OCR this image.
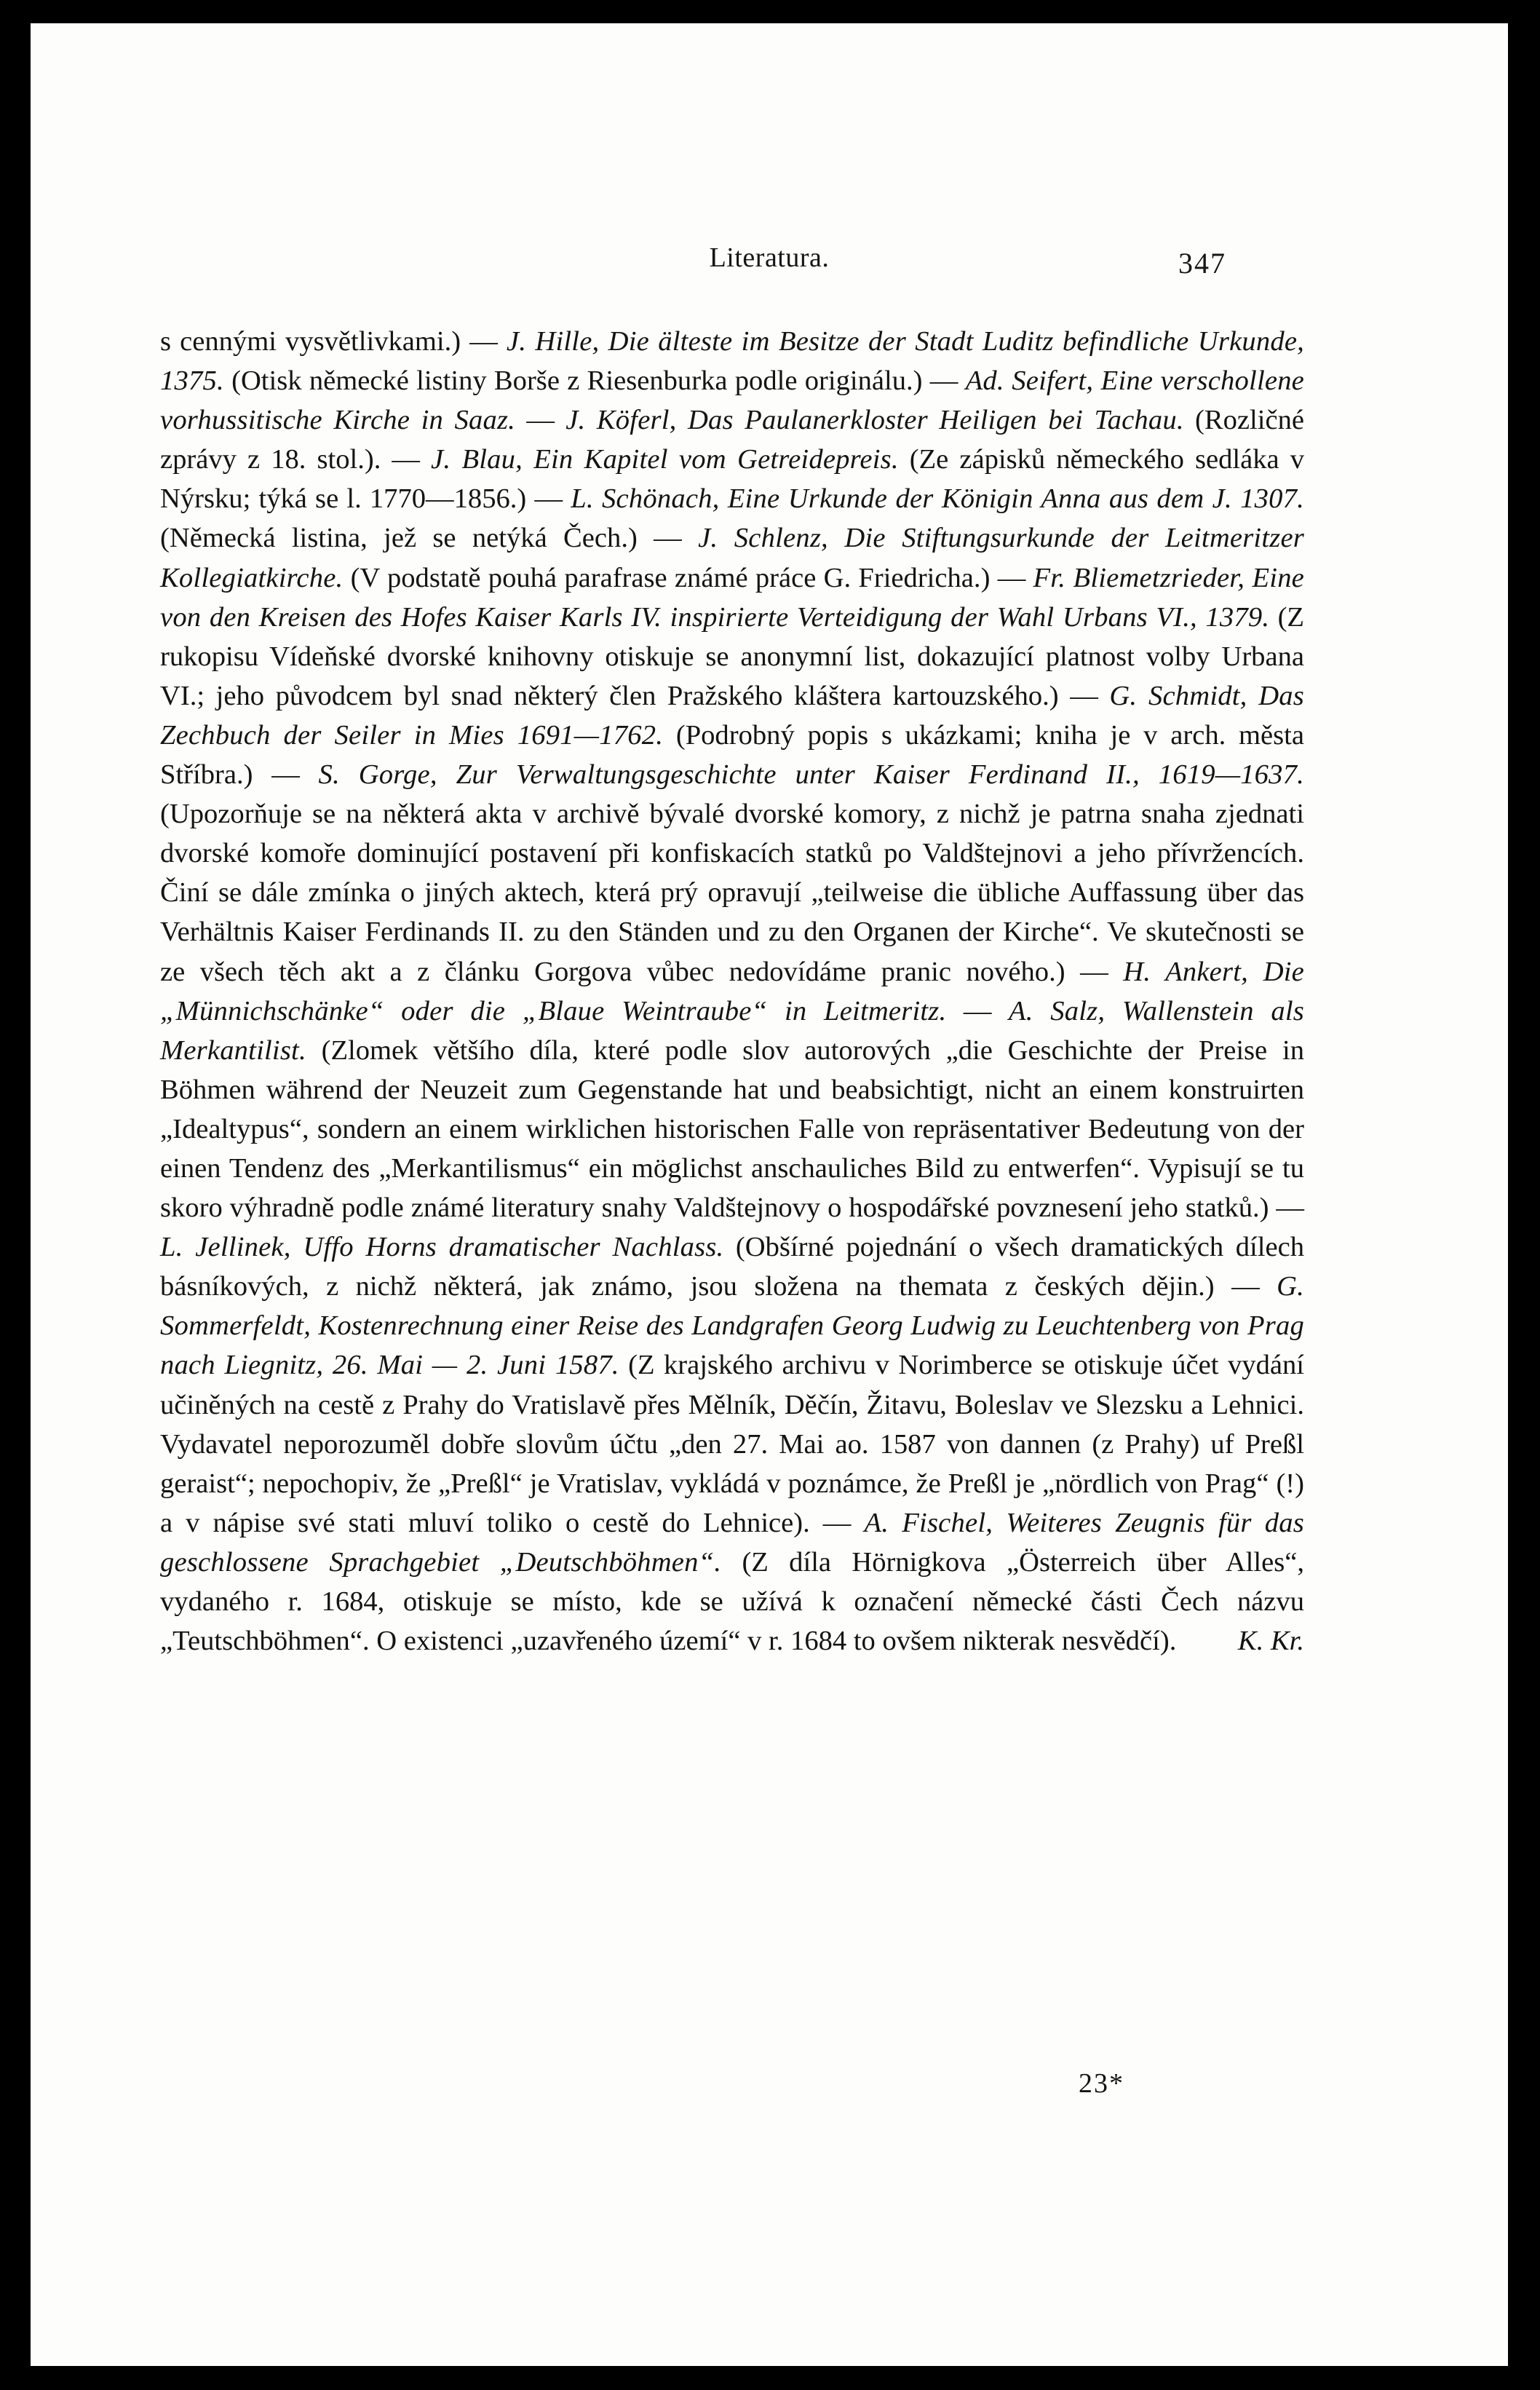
Literatura.	347

s cennými vysvětlivkami.) — J. Hille, Die älteste im Besitze der Stadt Luditz befindliche Urkunde, 1375. (Otisk německé listiny Borše z Riesenburka podle originálu.) — Ad. Seifert, Eine verschollene vorhussitische Kirche in Saaz. — J. Köferl, Das Paulanerkloster Heiligen bei Tachau. (Rozličné zprávy z 18. stol.). — J. Blau, Ein Kapitel vom Getreidepreis. (Ze zápisků německého sedláka v Nýrsku; týká se l. 1770—1856.) — L. Schönach, Eine Urkunde der Königin Anna aus dem J. 1307. (Německá listina, jež se netýká Čech.) — J. Schlenz, Die Stiftungsurkunde der Leitmeritzer Kollegiatkirche. (V podstatě pouhá parafrase známé práce G. Friedricha.) — Fr. Bliemetzrieder, Eine von den Kreisen des Hofes Kaiser Karls IV. inspirierte Verteidigung der Wahl Urbans VI., 1379. (Z rukopisu Vídeňské dvorské knihovny otiskuje se anonymní list, dokazující platnost volby Urbana VI.; jeho původcem byl snad některý člen Pražského kláštera kartouzského.) — G. Schmidt, Das Zechbuch der Seiler in Mies 1691—1762. (Podrobný popis s ukázkami; kniha je v arch. města Stříbra.) — S. Gorge, Zur Verwaltungsgeschichte unter Kaiser Ferdinand II., 1619—1637. (Upozorňuje se na některá akta v archivě bývalé dvorské komory, z nichž je patrna snaha zjednati dvorské komoře dominující postavení při konfiskacích statků po Valdštejnovi a jeho přívržencích. Činí se dále zmínka o jiných aktech, která prý opravují „teilweise die übliche Auffassung über das Verhältnis Kaiser Ferdinands II. zu den Ständen und zu den Organen der Kirche“. Ve skutečnosti se ze všech těch akt a z článku Gorgova vůbec nedovídáme pranic nového.) — H. Ankert, Die „Münnichschänke“ oder die „Blaue Weintraube“ in Leitmeritz. — A. Salz, Wallenstein als Merkantilist. (Zlomek většího díla, které podle slov autorových „die Geschichte der Preise in Böhmen während der Neuzeit zum Gegenstande hat und beabsichtigt, nicht an einem konstruirten „Idealtypus“, sondern an einem wirklichen historischen Falle von repräsentativer Bedeutung von der einen Tendenz des „Merkantilismus“ ein möglichst anschauliches Bild zu entwerfen“. Vypisují se tu skoro výhradně podle známé literatury snahy Valdštejnovy o hospodářské povznesení jeho statků.) — L. Jellinek, Uffo Horns dramatischer Nachlass. (Obšírné pojednání o všech dramatických dílech básníkových, z nichž některá, jak známo, jsou složena na themata z českých dějin.) — G. Sommerfeldt, Kostenrechnung einer Reise des Landgrafen Georg Ludwig zu Leuchtenberg von Prag nach Liegnitz, 26. Mai — 2. Juni 1587. (Z krajského archivu v Norimberce se otiskuje účet vydání učiněných na cestě z Prahy do Vratislavě přes Mělník, Děčín, Žitavu, Boleslav ve Slezsku a Lehnici. Vydavatel neporozuměl dobře slovům účtu „den 27. Mai ao. 1587 von dannen (z Prahy) uf Preßl geraist“; nepochopiv, že „Preßl“ je Vratislav, vykládá v poznámce, že Preßl je „nördlich von Prag“ (!) a v nápise své stati mluví toliko o cestě do Lehnice). — A. Fischel, Weiteres Zeugnis für das geschlossene Sprachgebiet „Deutschböhmen“. (Z díla Hörnigkova „Österreich über Alles“, vydaného r. 1684, otiskuje se místo, kde se užívá k označení německé části Čech názvu „Teutschböhmen“. O existenci „uzavřeného území“ v r. 1684 to ovšem nikterak nesvědčí). K. Kr.

23*
